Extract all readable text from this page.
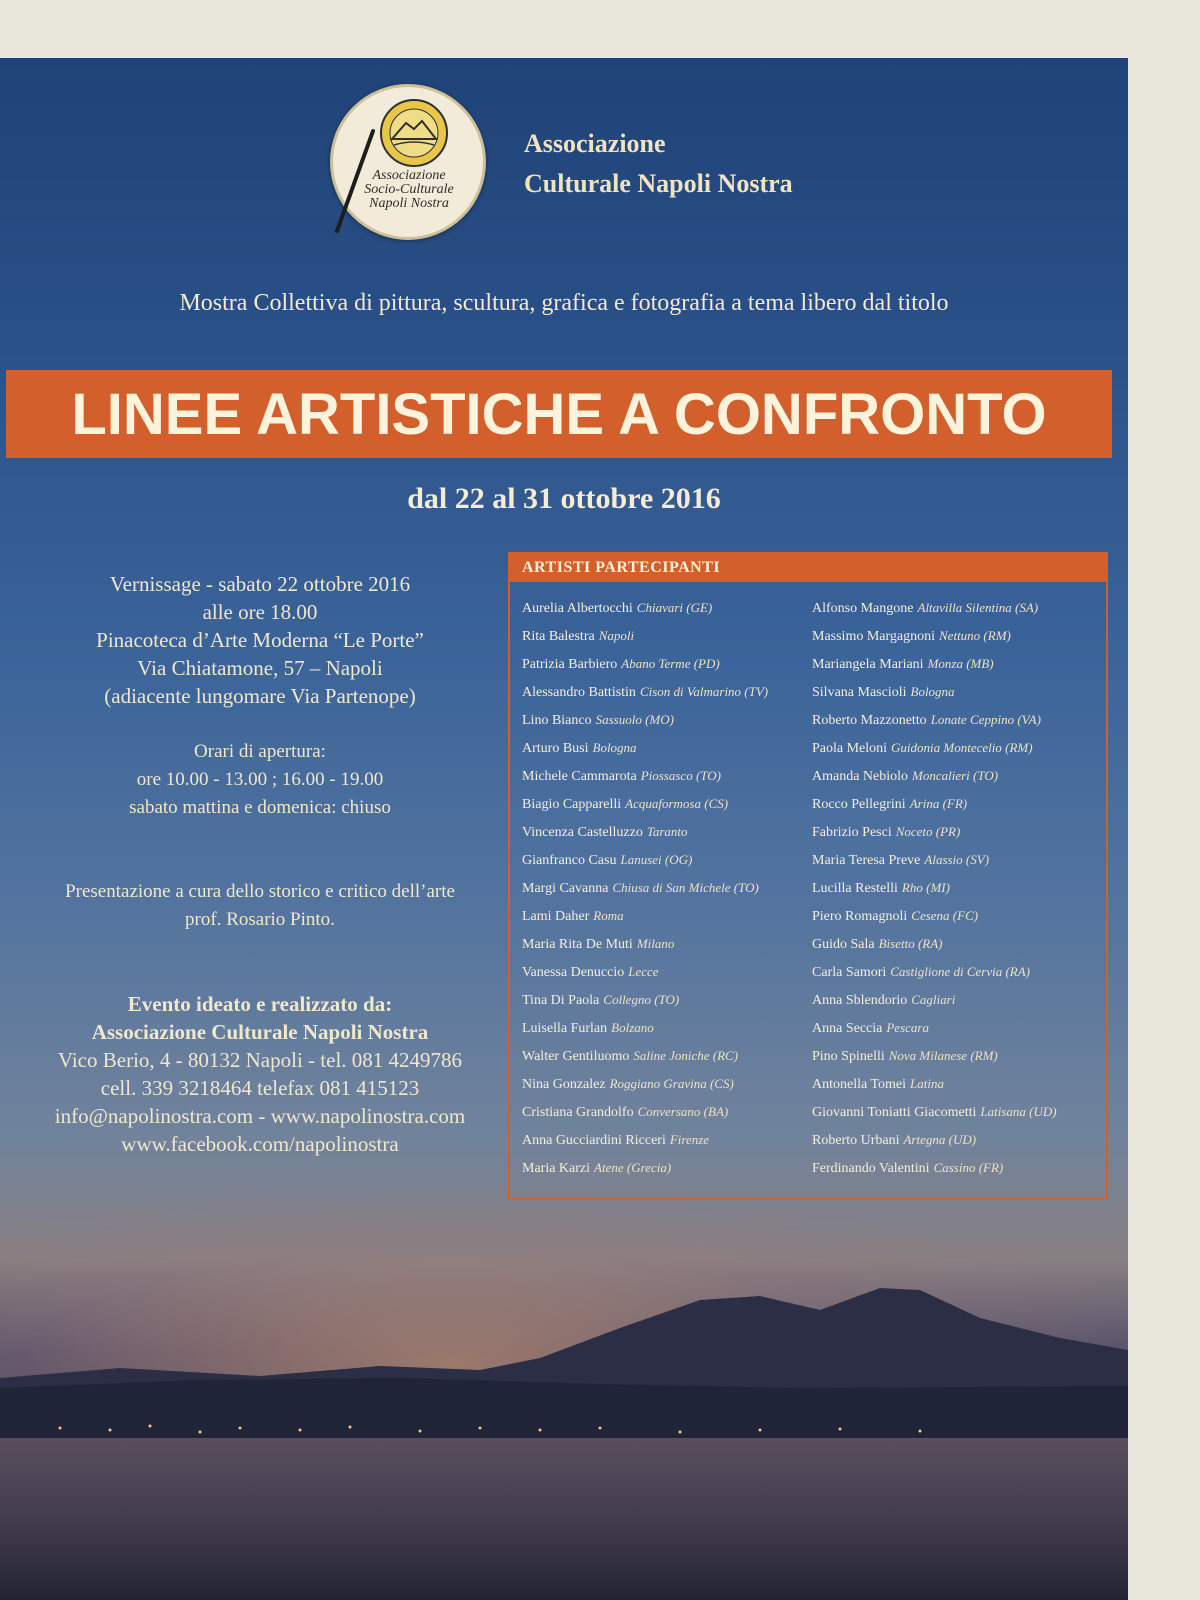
Associazione
Socio-Culturale
Napoli Nostra
Associazione
Culturale Napoli Nostra
Mostra Collettiva di pittura, scultura, grafica e fotografia a tema libero dal titolo
LINEE ARTISTICHE A CONFRONTO
dal 22 al 31 ottobre 2016
Vernissage - sabato 22 ottobre 2016
alle ore 18.00
Pinacoteca d’Arte Moderna “Le Porte”
Via Chiatamone, 57 – Napoli
(adiacente lungomare Via Partenope)
Orari di apertura:
ore 10.00 - 13.00 ; 16.00 - 19.00
sabato mattina e domenica: chiuso
Presentazione a cura dello storico e critico dell’arte
prof. Rosario Pinto.
Evento ideato e realizzato da:
Associazione Culturale Napoli Nostra
Vico Berio, 4 - 80132 Napoli - tel. 081 4249786
cell. 339 3218464 telefax 081 415123
info@napolinostra.com - www.napolinostra.com
www.facebook.com/napolinostra
ARTISTI PARTECIPANTI
Aurelia Albertocchi Chiavari (GE)
Rita Balestra Napoli
Patrizia Barbiero Abano Terme (PD)
Alessandro Battistin Cison di Valmarino (TV)
Lino Bianco Sassuolo (MO)
Arturo Busi Bologna
Michele Cammarota Piossasco (TO)
Biagio Capparelli Acquaformosa (CS)
Vincenza Castelluzzo Taranto
Gianfranco Casu Lanusei (OG)
Margi Cavanna Chiusa di San Michele (TO)
Lami Daher Roma
Maria Rita De Muti Milano
Vanessa Denuccio Lecce
Tina Di Paola Collegno (TO)
Luisella Furlan Bolzano
Walter Gentiluomo Saline Joniche (RC)
Nina Gonzalez Roggiano Gravina (CS)
Cristiana Grandolfo Conversano (BA)
Anna Gucciardini Ricceri Firenze
Maria Karzi Atene (Grecia)
Alfonso Mangone Altavilla Silentina (SA)
Massimo Margagnoni Nettuno (RM)
Mariangela Mariani Monza (MB)
Silvana Mascioli Bologna
Roberto Mazzonetto Lonate Ceppino (VA)
Paola Meloni Guidonia Montecelio (RM)
Amanda Nebiolo Moncalieri (TO)
Rocco Pellegrini Arina (FR)
Fabrizio Pesci Noceto (PR)
Maria Teresa Preve Alassio (SV)
Lucilla Restelli Rho (MI)
Piero Romagnoli Cesena (FC)
Guido Sala Bisetto (RA)
Carla Samori Castiglione di Cervia (RA)
Anna Sblendorio Cagliari
Anna Seccia Pescara
Pino Spinelli Nova Milanese (RM)
Antonella Tomei Latina
Giovanni Toniatti Giacometti Latisana (UD)
Roberto Urbani Artegna (UD)
Ferdinando Valentini Cassino (FR)
